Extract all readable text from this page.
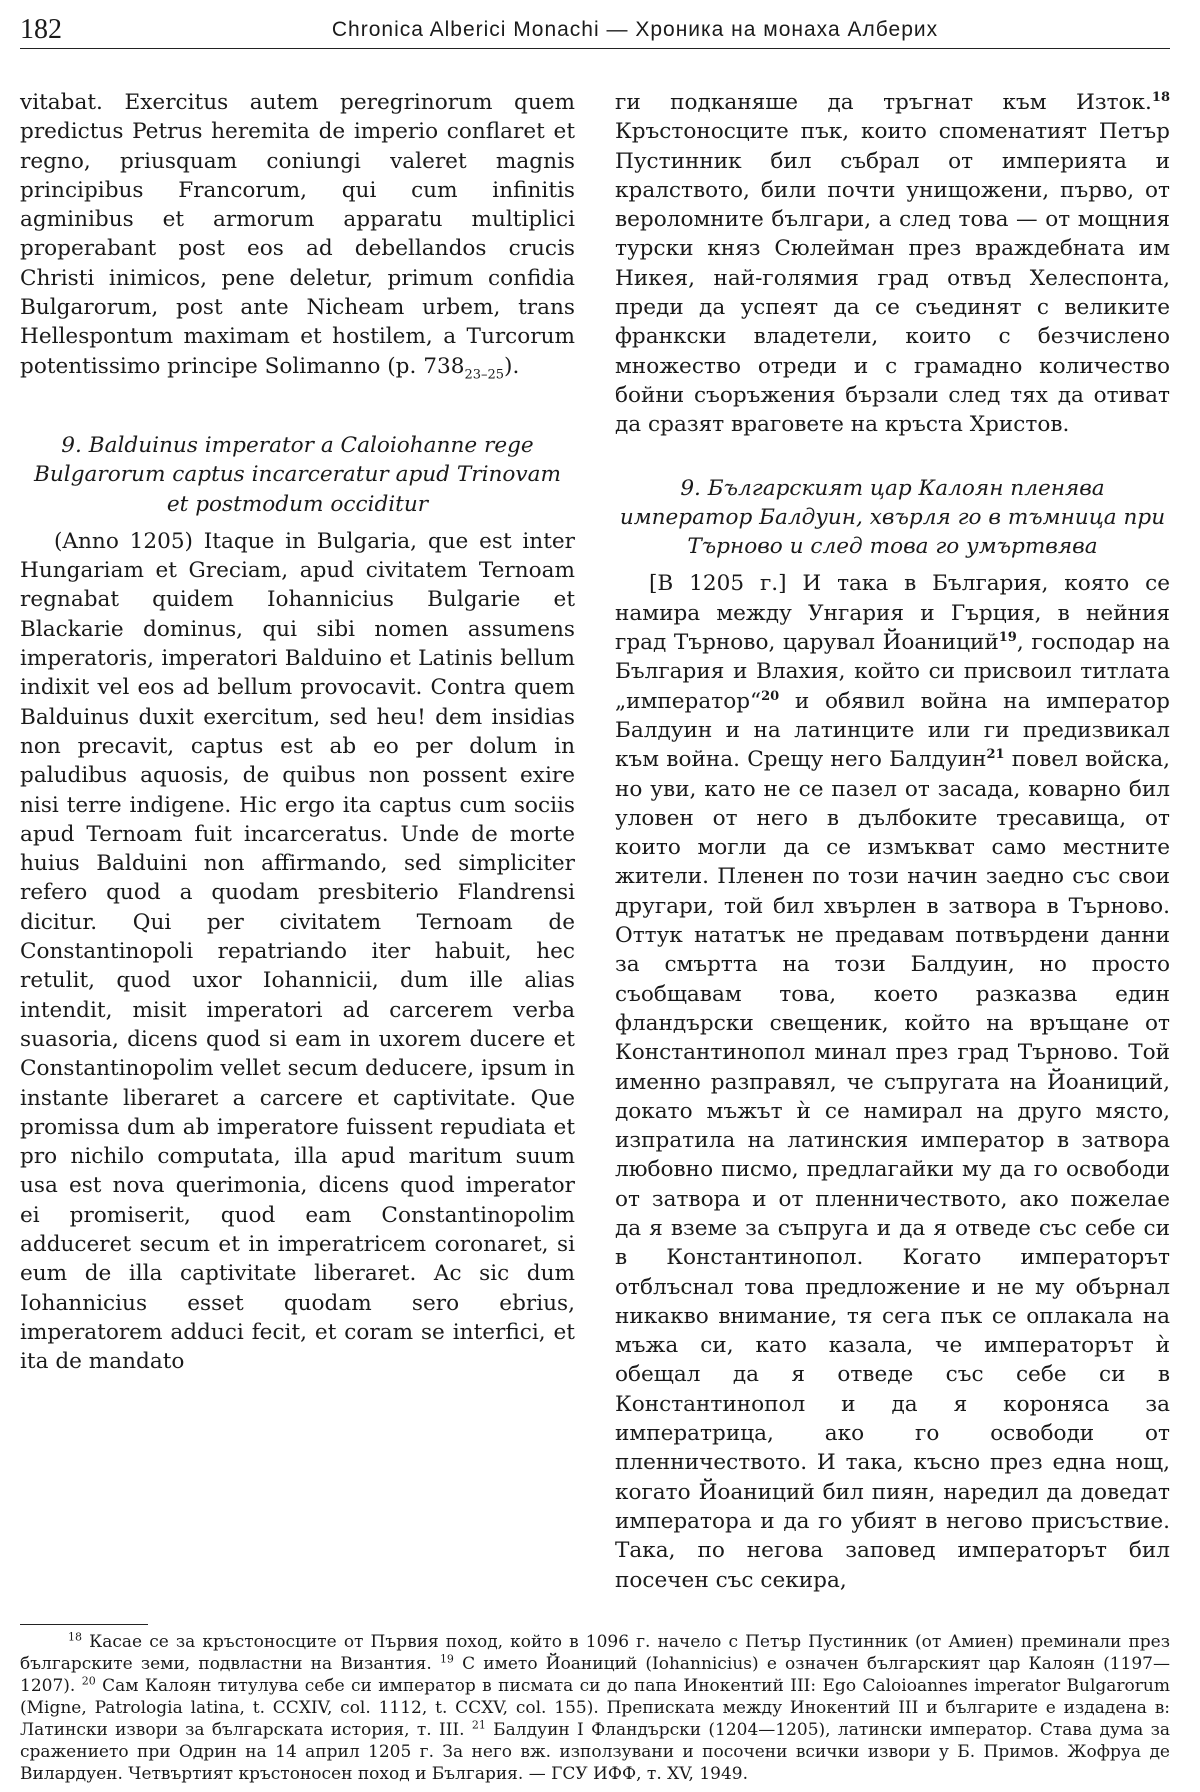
182	Chronica Alberici Monachi — Хроника на монаха Алберих

vitabat. Exercitus autem peregrinorum quem predictus Petrus heremita de imperio conflaret et regno, priusquam coniungi valeret magnis principibus Francorum, qui cum infinitis agminibus et armorum apparatu multiplici properabant post eos ad debellandos crucis Christi inimicos, pene deletur, primum confidia Bulgarorum, post ante Nicheam urbem, trans Hellespontum maximam et hostilem, a Turcorum potentissimo principe Solimanno (p. $738_{23-25}$).

9. Balduinus imperator a Caloiohanne rege Bulgarorum captus incarceratur apud Trinovam et postmodum occiditur

(Anno 1205) Itaque in Bulgaria, que est inter Hungariam et Greciam, apud civitatem Ternoam regnabat quidem Iohannicius Bulgarie et Blackarie dominus, qui sibi nomen assumens imperatoris, imperatori Balduino et Latinis bellum indixit vel eos ad bellum provocavit. Contra quem Balduinus duxit exercitum, sed heu! dem insidias non precavit, captus est ab eo per dolum in paludibus aquosis, de quibus non possent exire nisi terre indigene. Hic ergo ita captus cum sociis apud Ternoam fuit incarceratus. Unde de morte huius Balduini non affirmando, sed simpliciter refero quod a quodam presbiterio Flandrensi dicitur. Qui per civitatem Ternoam de Constantinopoli repatriando iter habuit, hec retulit, quod uxor Iohannicii, dum ille alias intendit, misit imperatori ad carcerem verba suasoria, dicens quod si eam in uxorem ducere et Constantinopolim vellet secum deducere, ipsum in instante liberaret a carcere et captivitate. Que promissa dum ab imperatore fuissent repudiata et pro nichilo computata, illa apud maritum suum usa est nova querimonia, dicens quod imperator ei promiserit, quod eam Constantinopolim adduceret secum et in imperatricem coronaret, si eum de illa captivitate liberaret. Ac sic dum Iohannicius esset quodam sero ebrius, imperatorem adduci fecit, et coram se interfici, et ita de mandato

ги подканяше да тръгнат към Изток.$^{18}$ Кръстоносците пък, които споменатият Петър Пустинник бил събрал от империята и кралството, били почти унищожени, първо, от вероломните българи, а след това — от мощния турски княз Сюлейман през враждебната им Никея, най-голямия град отвъд Хелеспонта, преди да успеят да се съединят с великите франкски владетели, които с безчислено множество отреди и с грамадно количество бойни съоръжения бързали след тях да отиват да сразят враговете на кръста Христов.

9. Българският цар Калоян пленява император Балдуин, хвърля го в тъмница при Търново и след това го умъртвява

[В 1205 г.] И така в България, която се намира между Унгария и Гърция, в нейния град Търново, царувал Йоаниций$^{19}$, господар на България и Влахия, който си присвоил титлата „император“$^{20}$ и обявил война на император Балдуин и на латинците или ги предизвикал към война. Срещу него Балдуин$^{21}$ повел войска, но уви, като не се пазел от засада, коварно бил уловен от него в дълбоките тресавища, от които могли да се измъкват само местните жители. Пленен по този начин заедно със свои другари, той бил хвърлен в затвора в Търново. Оттук нататък не предавам потвърдени данни за смъртта на този Балдуин, но просто съобщавам това, което разказва един фландърски свещеник, който на връщане от Константинопол минал през град Търново. Той именно разправял, че съпругата на Йоаниций, докато мъжът ѝ се намирал на друго място, изпратила на латинския император в затвора любовно писмо, предлагайки му да го освободи от затвора и от пленничеството, ако пожелае да я вземе за съпруга и да я отведе със себе си в Константинопол. Когато императорът отблъснал това предложение и не му обърнал никакво внимание, тя сега пък се оплакала на мъжа си, като казала, че императорът ѝ обещал да я отведе със себе си в Константинопол и да я короняса за императрица, ако го освободи от пленничеството. И така, късно през една нощ, когато Йоаниций бил пиян, наредил да доведат императора и да го убият в негово присъствие. Така, по негова заповед императорът бил посечен със секира,

$^{18}$ Касае се за кръстоносците от Първия поход, който в 1096 г. начело с Петър Пустинник (от Амиен) преминали през българските земи, подвластни на Византия. $^{19}$ С името Йоаниций (Iohannicius) е означен българският цар Калоян (1197—1207). $^{20}$ Сам Калоян титулува себе си император в писмата си до папа Инокентий III: Ego Caloioannes imperator Bulgarorum (Migne, Patrologia latina, t. CCXIV, col. 1112, t. CCXV, col. 155). Преписката между Инокентий III и българите е издадена в: Латински извори за българската история, т. III. $^{21}$ Балдуин I Фландърски (1204—1205), латински император. Става дума за сражението при Одрин на 14 април 1205 г. За него вж. използувани и посочени всички извори у Б. Примов. Жофруа де Вилардуен. Четвъртият кръстоносен поход и България. — ГСУ ИФФ, т. XV, 1949.
